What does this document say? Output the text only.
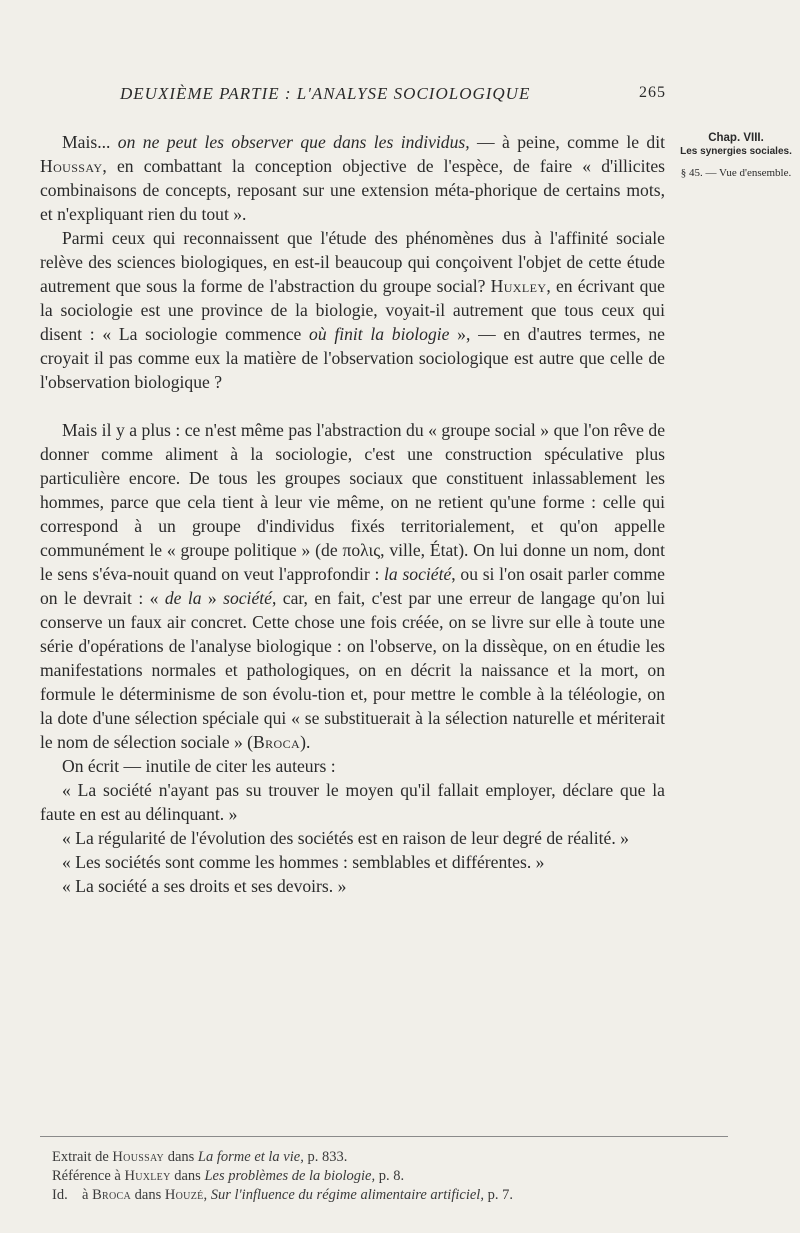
DEUXIÈME PARTIE : L'ANALYSE SOCIOLOGIQUE	265
Chap. VIII.
Les synergies sociales.
§ 45. — Vue d'ensemble.

Mais... on ne peut les observer que dans les individus, — à peine, comme le dit Houssay, en combattant la conception objective de l'espèce, de faire « d'illicites combinaisons de concepts, reposant sur une extension méta-phorique de certains mots, et n'expliquant rien du tout ».

Parmi ceux qui reconnaissent que l'étude des phénomènes dus à l'affinité sociale relève des sciences biologiques, en est-il beaucoup qui conçoivent l'objet de cette étude autrement que sous la forme de l'abstraction du groupe social? Huxley, en écrivant que la sociologie est une province de la biologie, voyait-il autrement que tous ceux qui disent : « La sociologie commence où finit la biologie », — en d'autres termes, ne croyait il pas comme eux la matière de l'observation sociologique est autre que celle de l'observation biologique ?

Mais il y a plus : ce n'est même pas l'abstraction du « groupe social » que l'on rêve de donner comme aliment à la sociologie, c'est une construction spéculative plus particulière encore. De tous les groupes sociaux que constituent inlassablement les hommes, parce que cela tient à leur vie même, on ne retient qu'une forme : celle qui correspond à un groupe d'individus fixés territorialement, et qu'on appelle communément le « groupe politique » (de πολις, ville, État). On lui donne un nom, dont le sens s'éva-nouit quand on veut l'approfondir : la société, ou si l'on osait parler comme on le devrait : « de la » société, car, en fait, c'est par une erreur de langage qu'on lui conserve un faux air concret. Cette chose une fois créée, on se livre sur elle à toute une série d'opérations de l'analyse biologique : on l'observe, on la dissèque, on en étudie les manifestations normales et pathologiques, on en décrit la naissance et la mort, on formule le déterminisme de son évolu-tion et, pour mettre le comble à la téléologie, on la dote d'une sélection spéciale qui « se substituerait à la sélection naturelle et mériterait le nom de sélection sociale » (Broca).

On écrit — inutile de citer les auteurs :

« La société n'ayant pas su trouver le moyen qu'il fallait employer, déclare que la faute en est au délinquant. »

« La régularité de l'évolution des sociétés est en raison de leur degré de réalité. »

« Les sociétés sont comme les hommes : semblables et différentes. »

« La société a ses droits et ses devoirs. »

Extrait de Houssay dans La forme et la vie, p. 833.
Référence à Huxley dans Les problèmes de la biologie, p. 8.
Id. à Broca dans Houzé, Sur l'influence du régime alimentaire artificiel, p. 7.
